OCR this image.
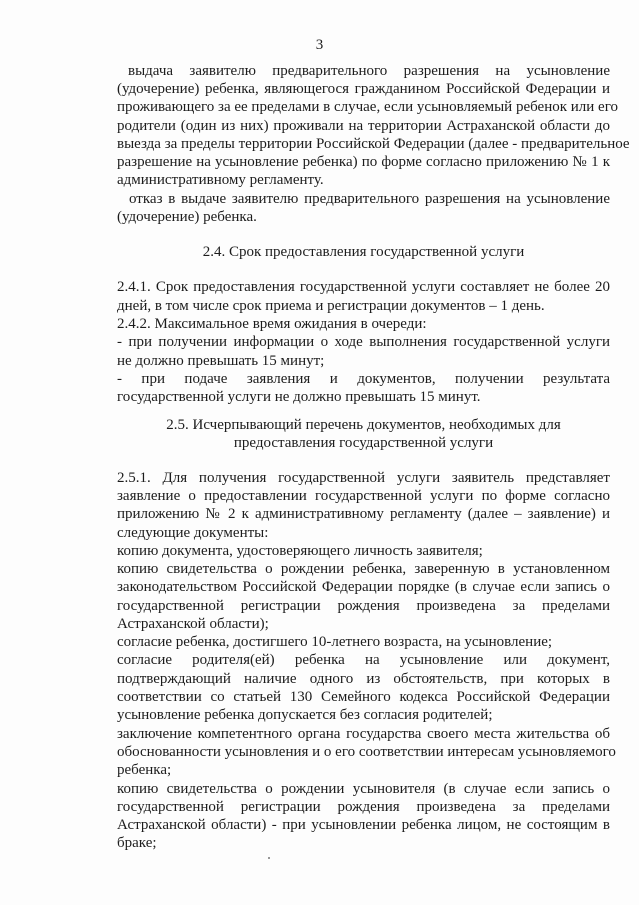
3

выдача заявителю предварительного разрешения на усыновление

(удочерение) ребенка, являющегося гражданином Российской Федерации и

проживающего за ее пределами в случае, если усыновляемый ребенок или его

родители (один из них) проживали на территории Астраханской области до

выезда за пределы территории Российской Федерации (далее - предварительное

разрешение на усыновление ребенка) по форме согласно приложению № 1 к

административному регламенту.

отказ в выдаче заявителю предварительного разрешения на усыновление

(удочерение) ребенка.

2.4. Срок предоставления государственной услуги

2.4.1. Срок предоставления государственной услуги составляет не более 20

дней, в том числе срок приема и регистрации документов – 1 день.

2.4.2. Максимальное время ожидания в очереди:

- при получении информации о ходе выполнения государственной услуги

не должно превышать 15 минут;

- при подаче заявления и документов, получении результата

государственной услуги не должно превышать 15 минут.

2.5. Исчерпывающий перечень документов, необходимых для

предоставления государственной услуги

2.5.1. Для получения государственной услуги заявитель представляет

заявление о предоставлении государственной услуги по форме согласно

приложению № 2 к административному регламенту (далее – заявление) и

следующие документы:

копию документа, удостоверяющего личность заявителя;

копию свидетельства о рождении ребенка, заверенную в установленном

законодательством Российской Федерации порядке (в случае если запись о

государственной регистрации рождения произведена за пределами

Астраханской области);

согласие ребенка, достигшего 10-летнего возраста, на усыновление;

согласие родителя(ей) ребенка на усыновление или документ,

подтверждающий наличие одного из обстоятельств, при которых в

соответствии со статьей 130 Семейного кодекса Российской Федерации

усыновление ребенка допускается без согласия родителей;

заключение компетентного органа государства своего места жительства об

обоснованности усыновления и о его соответствии интересам усыновляемого

ребенка;

копию свидетельства о рождении усыновителя (в случае если запись о

государственной регистрации рождения произведена за пределами

Астраханской области) - при усыновлении ребенка лицом, не состоящим в

браке;
